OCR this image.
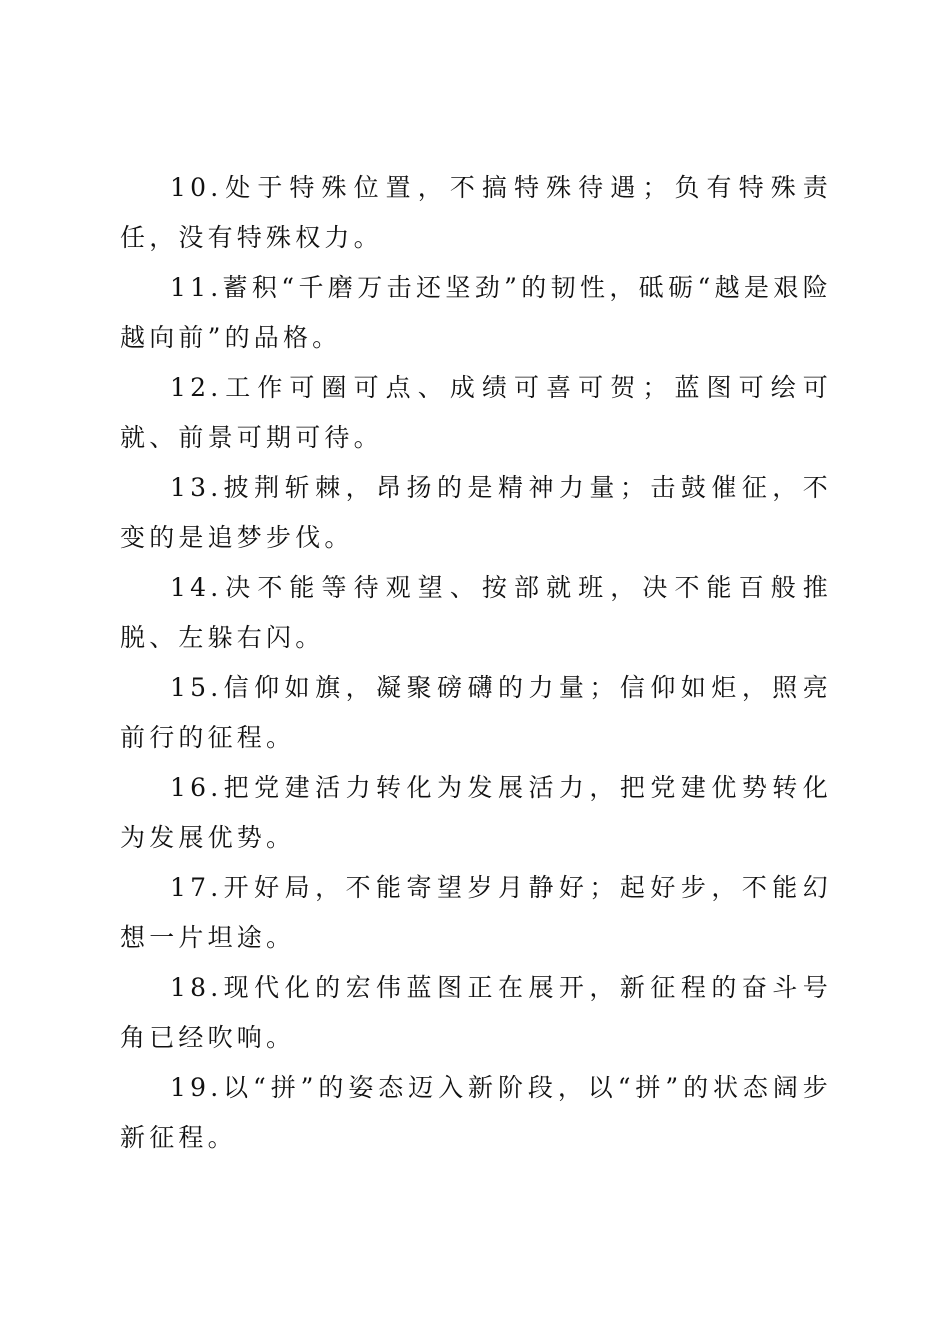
10.处于特殊位置，不搞特殊待遇；负有特殊责任，没有特殊权力。

11.蓄积“千磨万击还坚劲”的韧性，砥砺“越是艰险越向前”的品格。

12.工作可圈可点、成绩可喜可贺；蓝图可绘可就、前景可期可待。

13.披荆斩棘，昂扬的是精神力量；击鼓催征，不变的是追梦步伐。

14.决不能等待观望、按部就班，决不能百般推脱、左躲右闪。

15.信仰如旗，凝聚磅礴的力量；信仰如炬，照亮前行的征程。

16.把党建活力转化为发展活力，把党建优势转化为发展优势。

17.开好局，不能寄望岁月静好；起好步，不能幻想一片坦途。

18.现代化的宏伟蓝图正在展开，新征程的奋斗号角已经吹响。

19.以“拼”的姿态迈入新阶段，以“拼”的状态阔步新征程。
